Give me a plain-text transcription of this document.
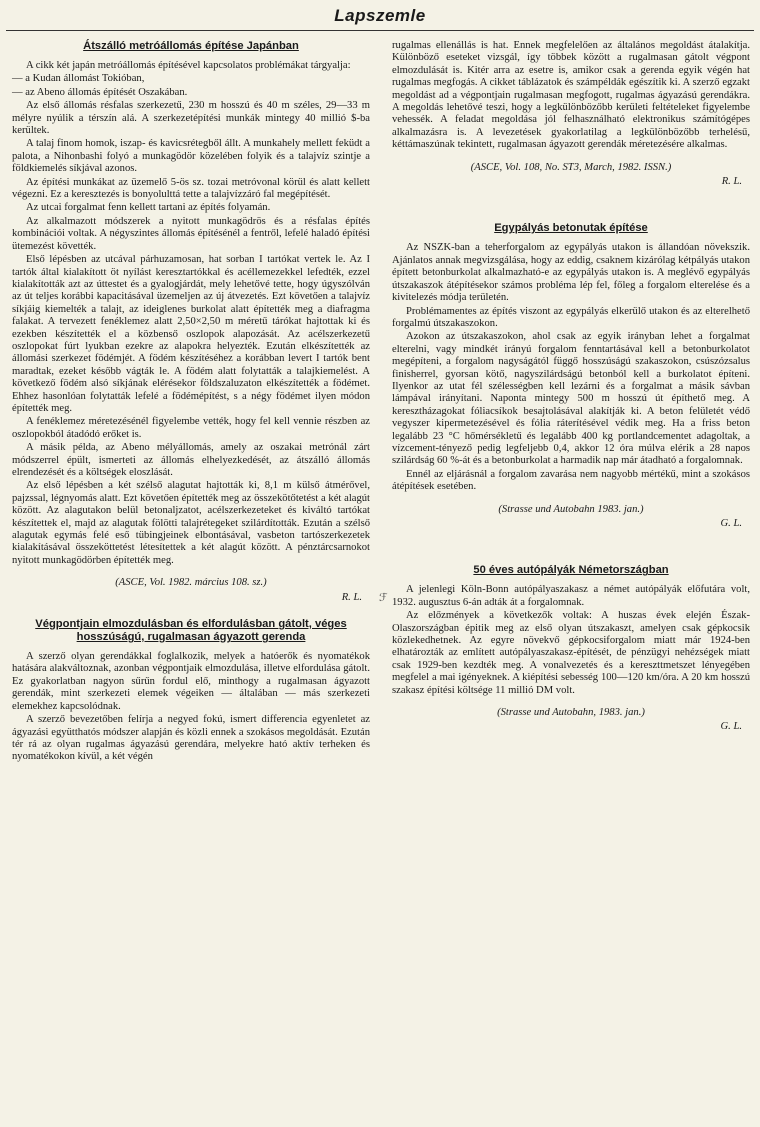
Lapszemle
ℱ
Átszálló metróállomás építése Japánban

A cikk két japán metróállomás építésével kapcsolatos problémákat tárgyalja:

— a Kudan állomást Tokióban,

— az Abeno állomás építését Oszakában.

Az első állomás résfalas szerkezetű, 230 m hosszú és 40 m széles, 29—33 m mélyre nyúlik a térszín alá. A szerkezetépítési munkák mintegy 40 millió $-ba kerültek.

A talaj finom homok, iszap- és kavicsrétegből állt. A munkahely mellett feküdt a palota, a Nihonbashi folyó a munkagödör közelében folyik és a talajvíz szintje a földkiemelés síkjával azonos.

Az építési munkákat az üzemelő 5-ös sz. tozai metróvonal körül és alatt kellett végezni. Ez a keresztezés is bonyolulttá tette a talajvízzáró fal megépítését.

Az utcai forgalmat fenn kellett tartani az építés folyamán.

Az alkalmazott módszerek a nyitott munkagödrös és a résfalas építés kombinációi voltak. A négyszintes állomás építésénél a fentről, lefelé haladó építési ütemezést követték.

Első lépésben az utcával párhuzamosan, hat sorban I tartókat vertek le. Az I tartók által kialakított öt nyílást keresztartókkal és acéllemezekkel lefedték, ezzel kialakították azt az úttestet és a gyalogjárdát, mely lehetővé tette, hogy úgyszólván az út teljes korábbi kapacitásával üzemeljen az új átvezetés. Ezt követően a talajvíz síkjáig kiemelték a talajt, az ideiglenes burkolat alatt építették meg a diafragma falakat. A tervezett fenéklemez alatt 2,50×2,50 m méretű tárókat hajtottak ki és ezekben készítették el a közbenső oszlopok alapozását. Az acélszerkezetű oszlopokat fúrt lyukban ezekre az alapokra helyezték. Ezután elkészítették az állomási szerkezet födémjét. A födém készítéséhez a korábban levert I tartók bent maradtak, ezeket később vágták le. A födém alatt folytatták a talajkiemelést. A következő födém alsó síkjának elérésekor földszaluzaton elkészítették a födémet. Ehhez hasonlóan folytatták lefelé a födémépítést, s a négy födémet ilyen módon építették meg.

A fenéklemez méretezésénél figyelembe vették, hogy fel kell vennie részben az oszlopokból átadódó erőket is.

A másik példa, az Abeno mélyállomás, amely az oszakai metrónál zárt módszerrel épült, ismerteti az állomás elhelyezkedését, az átszálló állomás elrendezését és a költségek eloszlását.

Az első lépésben a két szélső alagutat hajtották ki, 8,1 m külső átmérővel, pajzssal, légnyomás alatt. Ezt követően építették meg az összekötőtetést a két alagút között. Az alagutakon belül betonaljzatot, acélszerkezeteket és kiváltó tartókat készítettek el, majd az alagutak fölötti talajrétegeket szilárdították. Ezután a szélső alagutak egymás felé eső tübingjeinek elbontásával, vasbeton tartószerkezetek kialakításával összeköttetést létesítettek a két alagút között. A pénztárcsarnokot nyitott munkagödörben építették meg.

(ASCE, Vol. 1982. március 108. sz.)

R. L.

Végpontjain elmozdulásban és elfordulásban gátolt, véges hosszúságú, rugalmasan ágyazott gerenda

A szerző olyan gerendákkal foglalkozik, melyek a hatóerők és nyomatékok hatására alakváltoznak, azonban végpontjaik elmozdulása, illetve elfordulása gátolt. Ez gyakorlatban nagyon sűrűn fordul elő, minthogy a rugalmasan ágyazott gerendák, mint szerkezeti elemek végeiken — általában — más szerkezeti elemekhez kapcsolódnak.

A szerző bevezetőben felírja a negyed fokú, ismert differencia egyenletet az ágyazási együtthatós módszer alapján és közli ennek a szokásos megoldását. Ezután tér rá az olyan rugalmas ágyazású gerendára, melyekre ható aktív terheken és nyomatékokon kívül, a két végén

rugalmas ellenállás is hat. Ennek megfelelően az általános megoldást átalakítja. Különböző eseteket vizsgál, így többek között a rugalmasan gátolt végpont elmozdulását is. Kitér arra az esetre is, amikor csak a gerenda egyik végén hat rugalmas megfogás. A cikket táblázatok és számpéldák egészítik ki. A szerző egzakt megoldást ad a végpontjain rugalmasan megfogott, rugalmas ágyazású gerendákra. A megoldás lehetővé teszi, hogy a legkülönbözőbb kerületi feltételeket figyelembe vehessék. A feladat megoldása jól felhasználható elektronikus számítógépes alkalmazásra is. A levezetések gyakorlatilag a legkülönbözőbb terhelésű, kéttámaszúnak tekintett, rugalmasan ágyazott gerendák méretezésére alkalmas.

(ASCE, Vol. 108, No. ST3, March, 1982. ISSN.)

R. L.

Egypályás betonutak építése

Az NSZK-ban a teherforgalom az egypályás utakon is állandóan növekszik. Ajánlatos annak megvizsgálása, hogy az eddig, csaknem kizárólag kétpályás utakon épített betonburkolat alkalmazható-e az egypályás utakon is. A meglévő egypályás útszakaszok átépítésekor számos probléma lép fel, főleg a forgalom elterelése és a kivitelezés módja területén.

Problémamentes az építés viszont az egypályás elkerülő utakon és az elterelhető forgalmú útszakaszokon.

Azokon az útszakaszokon, ahol csak az egyik irányban lehet a forgalmat elterelni, vagy mindkét irányú forgalom fenntartásával kell a betonburkolatot megépíteni, a forgalom nagyságától függő hosszúságú szakaszokon, csúszózsalus finisherrel, gyorsan kötő, nagyszilárdságú betonból kell a burkolatot építeni. Ilyenkor az utat fél szélességben kell lezárni és a forgalmat a másik sávban lámpával irányítani. Naponta mintegy 500 m hosszú út építhető meg. A keresztházagokat fóliacsíkok besajtolásával alakítják ki. A beton felületét védő vegyszer kipermetezésével és fólia ráterítésével védik meg. Ha a friss beton legalább 23 °C hőmérsékletű és legalább 400 kg portlandcementet adagoltak, a vízcement-tényező pedig legfeljebb 0,4, akkor 12 óra múlva elérik a 28 napos szilárdság 60 %-át és a betonburkolat a harmadik nap már átadható a forgalomnak.

Ennél az eljárásnál a forgalom zavarása nem nagyobb mértékű, mint a szokásos átépítések esetében.

(Strasse und Autobahn 1983. jan.)

G. L.

50 éves autópályák Németországban

A jelenlegi Köln-Bonn autópályaszakasz a német autópályák előfutára volt, 1932. augusztus 6-án adták át a forgalomnak.

Az előzmények a következők voltak: A huszas évek elején Észak-Olaszországban épitik meg az első olyan útszakaszt, amelyen csak gépkocsik közlekedhetnek. Az egyre növekvő gépkocsiforgalom miatt már 1924-ben elhatározták az említett autópályaszakasz-építését, de pénzügyi nehézségek miatt csak 1929-ben kezdték meg. A vonalvezetés és a kereszttmetszet lényegében megfelel a mai igényeknek. A kiépítési sebesség 100—120 km/óra. A 20 km hosszú szakasz építési költsége 11 millió DM volt.

(Strasse und Autobahn, 1983. jan.)

G. L.
